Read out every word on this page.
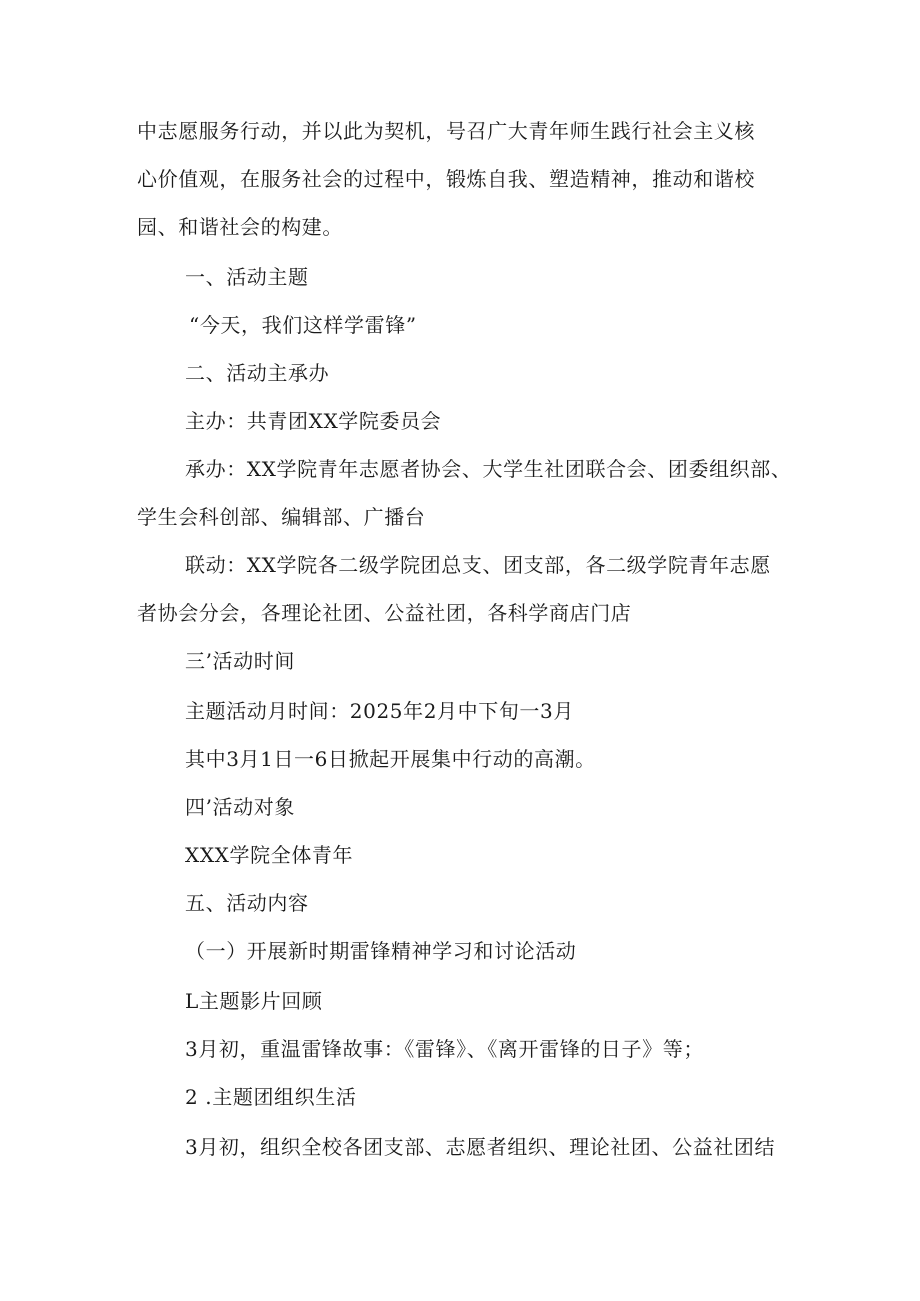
中志愿服务行动，并以此为契机，号召广大青年师生践行社会主义核
心价值观，在服务社会的过程中，锻炼自我、塑造精神，推动和谐校
园、和谐社会的构建。
一、活动主题
“今天，我们这样学雷锋”
二、活动主承办
主办：共青团XX学院委员会
承办：XX学院青年志愿者协会、大学生社团联合会、团委组织部、
学生会科创部、编辑部、广播台
联动：XX学院各二级学院团总支、团支部，各二级学院青年志愿
者协会分会，各理论社团、公益社团，各科学商店门店
三’活动时间
主题活动月时间：2025年2月中下旬一3月
其中3月1日一6日掀起开展集中行动的高潮。
四’活动对象
XXX学院全体青年
五、活动内容
（一）开展新时期雷锋精神学习和讨论活动
L主题影片回顾
3月初，重温雷锋故事：《雷锋》、《离开雷锋的日子》等；
2 .主题团组织生活
3月初，组织全校各团支部、志愿者组织、理论社团、公益社团结
